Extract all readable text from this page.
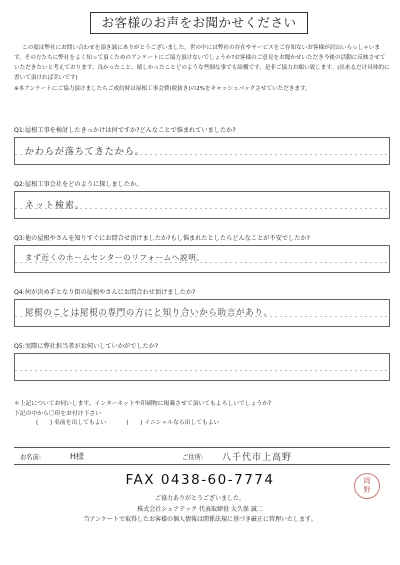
お客様のお声をお聞かせください

この度は弊社にお問い合わせを頂き誠にありがとうございました。世の中には弊社の存在やサービスをご存知ないお客様が沢山いらっしゃいます。その方たちに弊社をよく知って頂くためのアンケートにご協力頂けないでしょうか?お客様のご意見をお聞かせいただき今後の活動に反映させていただきたいと考えております。良かったこと、嬉しかったことどのような些細な事でも結構です。是非ご協力お願い致します。(出来るだけ具体的に書いて頂ければ幸いです)

※本アンケートにご協力頂けましたらご成約時は屋根工事会費(税抜き)の2%をキャッシュバックさせていただきます。

Q1:屋根工事を検討したきっかけは何ですか?どんなことで悩まれていましたか?
かわらが落ちてきたから。
Q2:屋根工事会社をどのように探しましたか。
ネット検索。
Q3:他の屋根やさんを知りすぐにお問合せ頂けましたか?もし悩まれたとしたらどんなことが不安でしたか?
まず近くのホームセンターのリフォームへ説明。
Q4:何が決め手となり街の屋根やさんにお問合わせ頂けましたか?
屋根のことは屋根の専門の方にと知り合いから助言があり。
Q5:実際に弊社担当者がお伺いしていかがでしたか?
＊上記についてお伺いします。インターネットや印刷物に掲載させて頂いてもよろしいでしょうか?
下記の中から〇印をお付け下さい
(　　) 名前を出してもよい	(　　) イニシャルなら出してもよい
お名前:	H様	ご住所:	八千代市上高野
FAX 0438-60-7774	岡
野
ご協力ありがとうございました。
株式会社シェアテック 代表取締役 大久保 誠二
当アンケートで取得したお客様の個人情報は関係法規に基づき厳正に管理いたします。
